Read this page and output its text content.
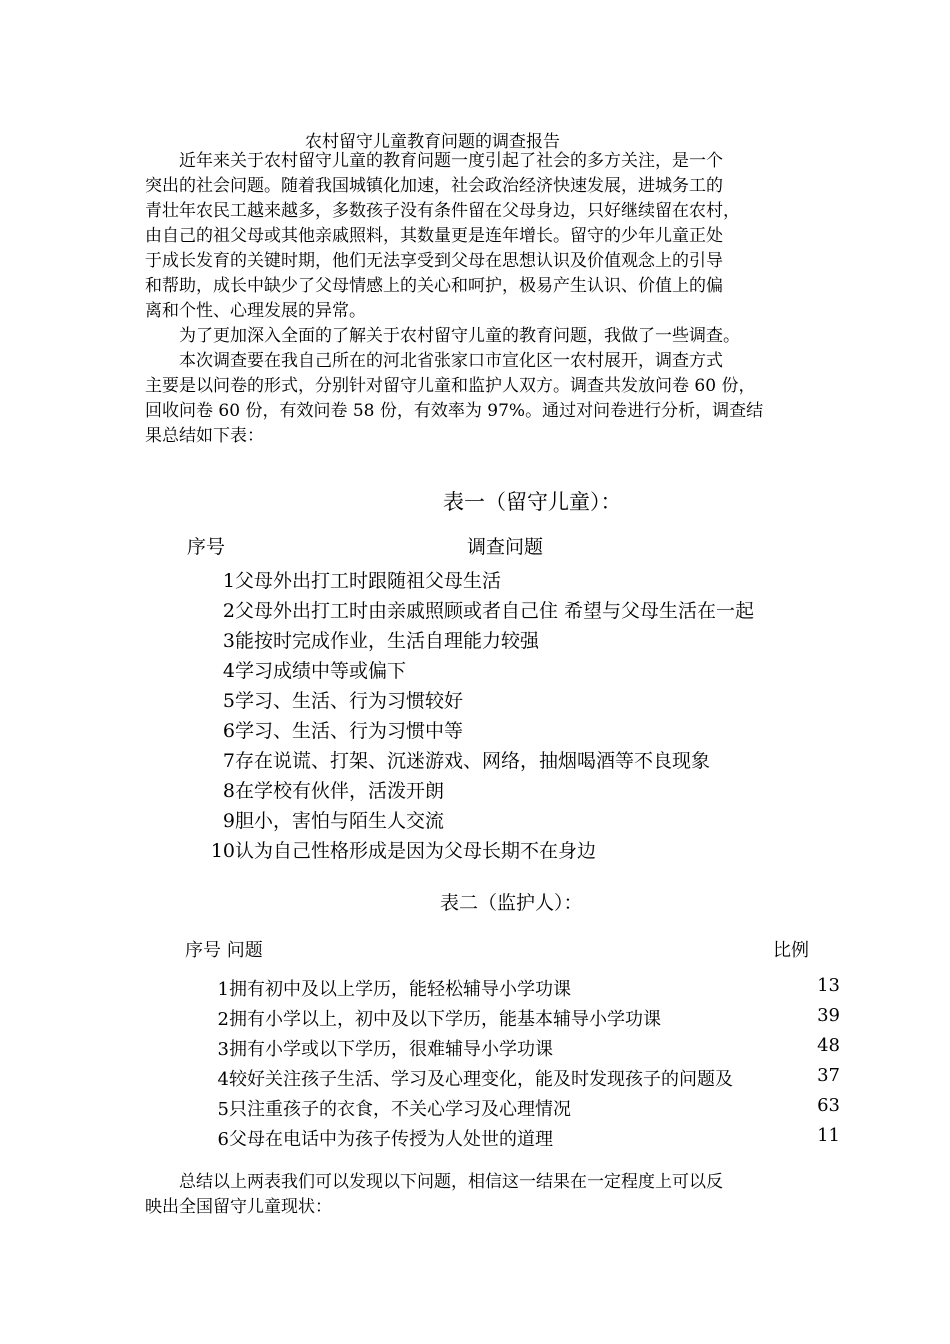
农村留守儿童教育问题的调查报告
近年来关于农村留守儿童的教育问题一度引起了社会的多方关注，是一个
突出的社会问题。随着我国城镇化加速，社会政治经济快速发展，进城务工的
青壮年农民工越来越多，多数孩子没有条件留在父母身边，只好继续留在农村，
由自己的祖父母或其他亲戚照料，其数量更是连年增长。留守的少年儿童正处
于成长发育的关键时期，他们无法享受到父母在思想认识及价值观念上的引导
和帮助，成长中缺少了父母情感上的关心和呵护，极易产生认识、价值上的偏
离和个性、心理发展的异常。
为了更加深入全面的了解关于农村留守儿童的教育问题，我做了一些调查。
本次调查要在我自己所在的河北省张家口市宣化区一农村展开，调查方式
主要是以问卷的形式，分别针对留守儿童和监护人双方。调查共发放问卷 60 份，
回收问卷 60 份，有效问卷 58 份，有效率为 97%。通过对问卷进行分析，调查结
果总结如下表：
表一（留守儿童）：
序号	调查问题
1父母外出打工时跟随祖父母生活
2父母外出打工时由亲戚照顾或者自己住 希望与父母生活在一起
3能按时完成作业，生活自理能力较强
4学习成绩中等或偏下
5学习、生活、行为习惯较好
6学习、生活、行为习惯中等
7存在说谎、打架、沉迷游戏、网络，抽烟喝酒等不良现象
8在学校有伙伴，活泼开朗
9胆小，害怕与陌生人交流
10认为自己性格形成是因为父母长期不在身边
表二（监护人）：
序号 问题	比例
1拥有初中及以上学历，能轻松辅导小学功课	13
2拥有小学以上，初中及以下学历，能基本辅导小学功课	39
3拥有小学或以下学历，很难辅导小学功课	48
4较好关注孩子生活、学习及心理变化，能及时发现孩子的问题及	37
5只注重孩子的衣食，不关心学习及心理情况	63
6父母在电话中为孩子传授为人处世的道理	11
总结以上两表我们可以发现以下问题，相信这一结果在一定程度上可以反
映出全国留守儿童现状：
